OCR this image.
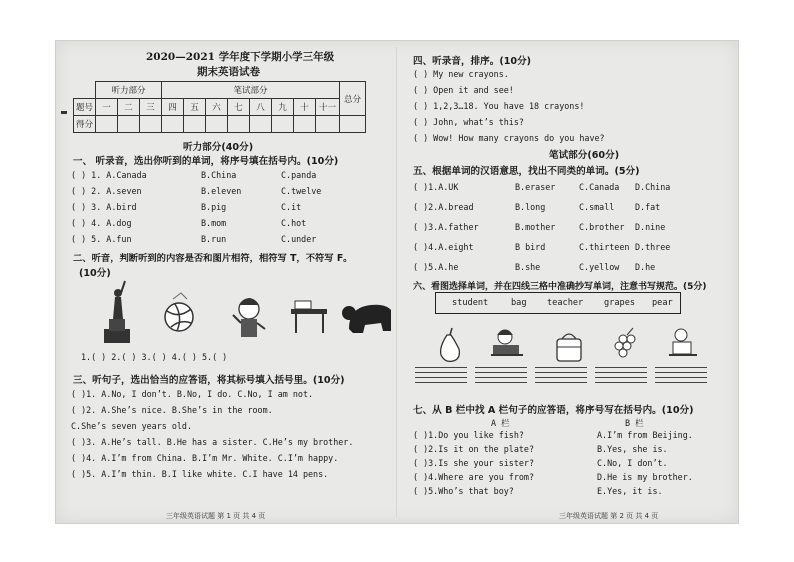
2020—2021 学年度下学期小学三年级
期末英语试卷
	听力部分			笔试部分								总分
题号	一	二	三	四	五	六	七	八	九	十	十一	
得分												
听力部分(40分)
一、 听录音，选出你听到的单词，将序号填在括号内。(10分)
( ) 1. A.Canada	B.China	C.panda
( ) 2. A.seven	B.eleven	C.twelve
( ) 3. A.bird	B.pig	C.it
( ) 4. A.dog	B.mom	C.hot
( ) 5. A.fun	B.run	C.under
二、听音，判断听到的内容是否和图片相符，相符写 T，不符写 F。
(10分)
1.( ) 2.( ) 3.( ) 4.( ) 5.( )
三、听句子，选出恰当的应答语，将其标号填入括号里。(10分)
( )1. A.No, I don’t. B.No, I do. C.No, I am not.
( )2. A.She’s nice. B.She’s in the room.
C.She’s seven years old.
( )3. A.He’s tall. B.He has a sister. C.He’s my brother.
( )4. A.I’m from China. B.I’m Mr. White. C.I’m happy.
( )5. A.I’m thin. B.I like white. C.I have 14 pens.
三年级英语试题 第 1 页 共 4 页
四、听录音，排序。(10分)
( ) My new crayons.
( ) Open it and see!
( ) 1,2,3…18. You have 18 crayons!
( ) John, what’s this?
( ) Wow! How many crayons do you have?
笔试部分(60分)
五、根据单词的汉语意思，找出不同类的单词。(5分)
( )1.A.UK	B.eraser	C.Canada D.China
( )2.A.bread	B.long	C.small D.fat
( )3.A.father	B.mother	C.brother D.nine
( )4.A.eight	B bird	C.thirteen D.three
( )5.A.he	B.she	C.yellow D.he
六、看图选择单词，并在四线三格中准确抄写单词，注意书写规范。(5分)
student	bag teacher grapes pear
七、从 B 栏中找 A 栏句子的应答语，将序号写在括号内。(10分)
A 栏	B 栏
( )1.Do you like fish?	A.I’m from Beijing.
( )2.Is it on the plate?	B.Yes, she is.
( )3.Is she your sister?	C.No, I don’t.
( )4.Where are you from?	D.He is my brother.
( )5.Who’s that boy?	E.Yes, it is.
三年级英语试题 第 2 页 共 4 页
